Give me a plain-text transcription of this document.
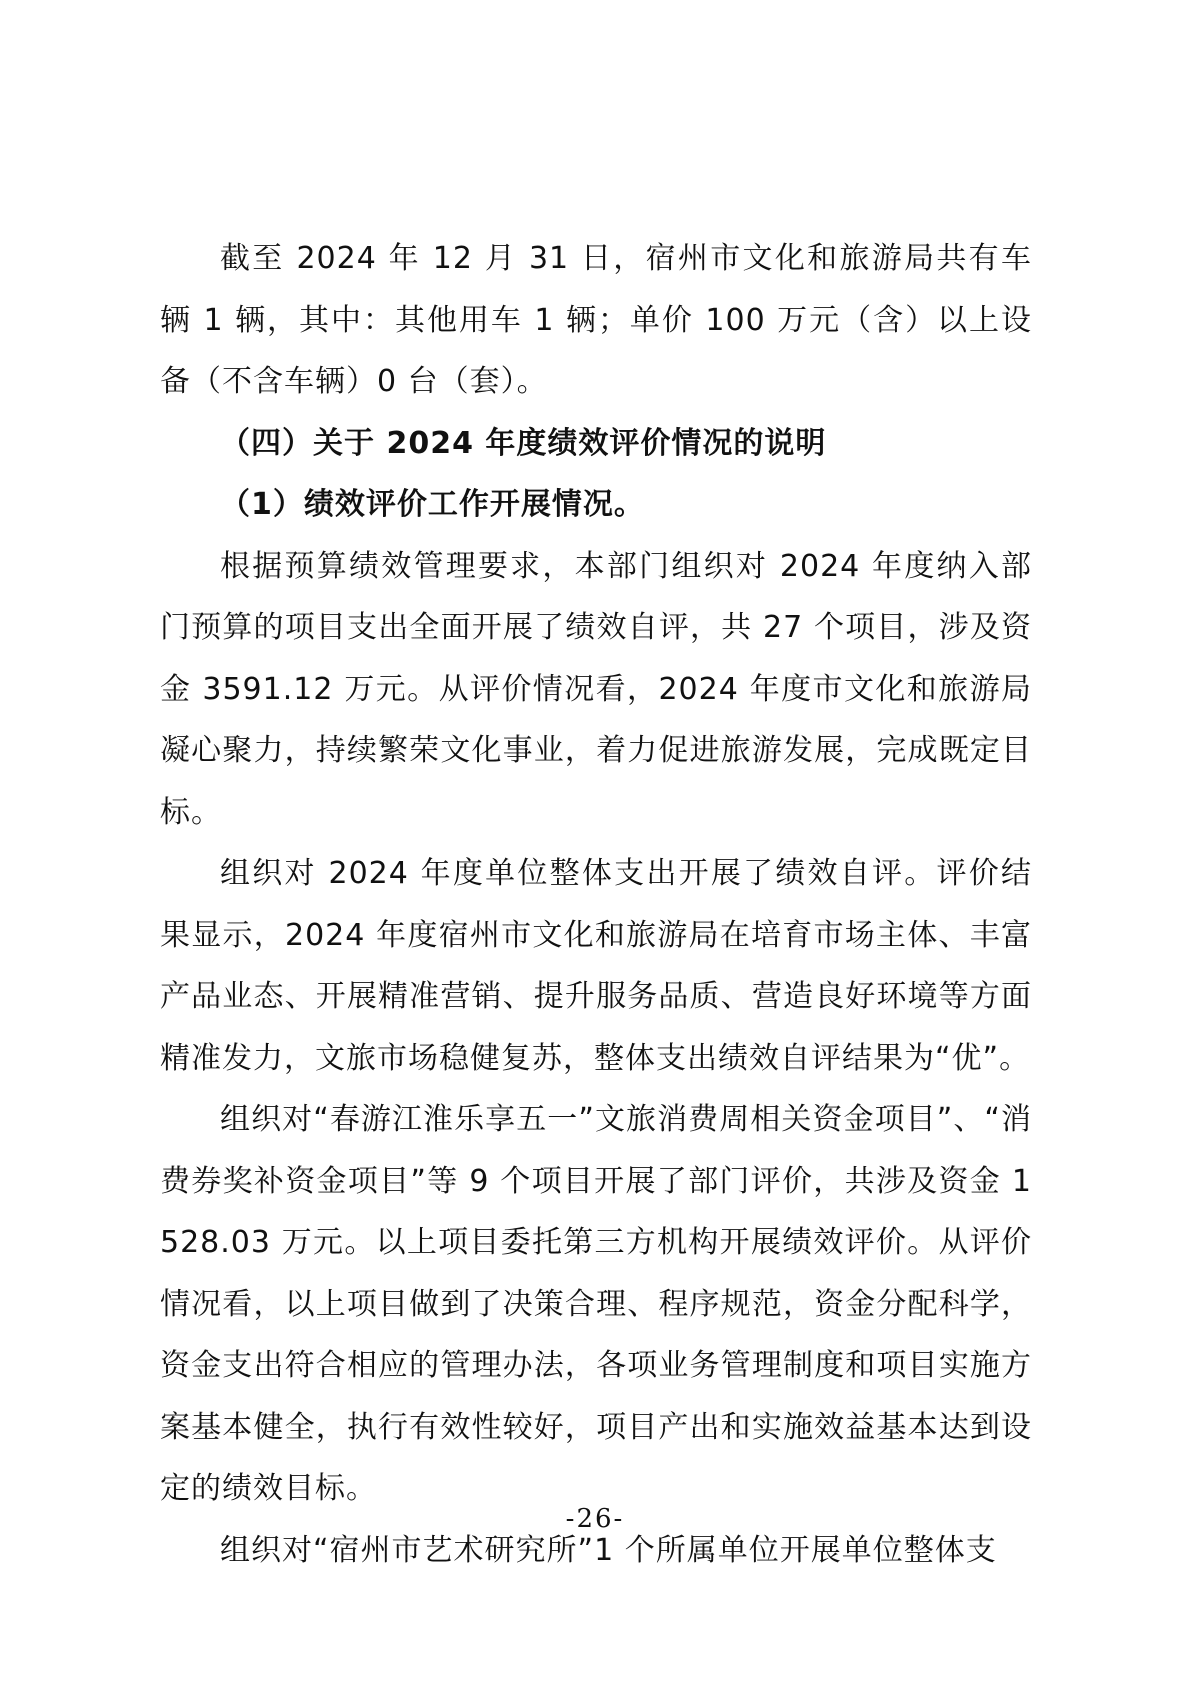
截至 2024 年 12 月 31 日，宿州市文化和旅游局共有车辆 1 辆，其中：其他用车 1 辆；单价 100 万元（含）以上设备（不含车辆）0 台（套）。

（四）关于 2024 年度绩效评价情况的说明

（1）绩效评价工作开展情况。

根据预算绩效管理要求，本部门组织对 2024 年度纳入部门预算的项目支出全面开展了绩效自评，共 27 个项目，涉及资金 3591.12 万元。从评价情况看，2024 年度市文化和旅游局凝心聚力，持续繁荣文化事业，着力促进旅游发展，完成既定目标。

组织对 2024 年度单位整体支出开展了绩效自评。评价结果显示，2024 年度宿州市文化和旅游局在培育市场主体、丰富产品业态、开展精准营销、提升服务品质、营造良好环境等方面精准发力，文旅市场稳健复苏，整体支出绩效自评结果为“优”。

组织对“春游江淮乐享五一”文旅消费周相关资金项目”、“消费券奖补资金项目”等 9 个项目开展了部门评价，共涉及资金 1528.03 万元。以上项目委托第三方机构开展绩效评价。从评价情况看，以上项目做到了决策合理、程序规范，资金分配科学，资金支出符合相应的管理办法，各项业务管理制度和项目实施方案基本健全，执行有效性较好，项目产出和实施效益基本达到设定的绩效目标。

组织对“宿州市艺术研究所”1 个所属单位开展单位整体支

-26-
